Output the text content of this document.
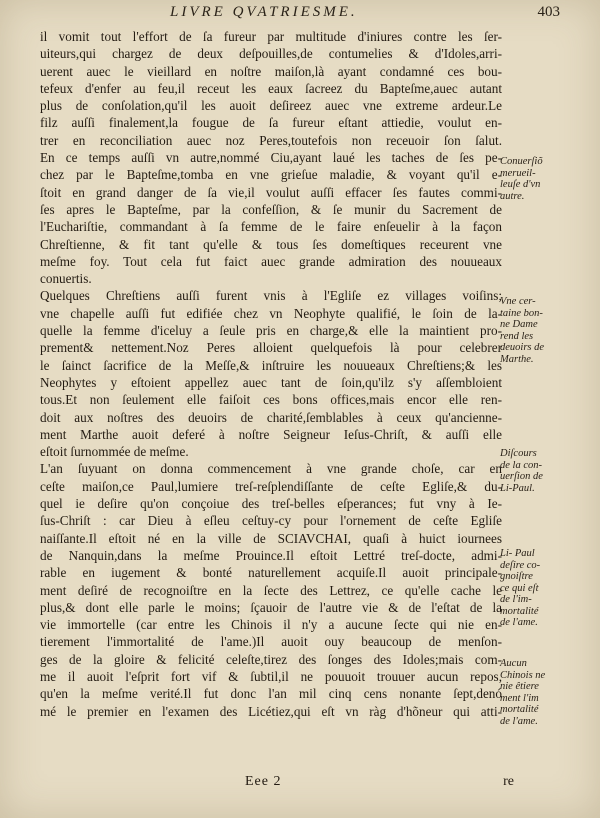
LIVRE QVATRIESME.	403
il vomit tout l'effort de ſa fureur par multitude d'iniures contre les ſer-
uiteurs,qui chargez de deux deſpouilles,de contumelies & d'Idoles,arri-
uerent auec le vieillard en noſtre maiſon,là ayant condamné ces bou-
tefeux d'enfer au feu,il receut les eaux ſacreez du Bapteſme,auec autant
plus de conſolation,qu'il les auoit deſireez auec vne extreme ardeur.Le
filz auſſi finalement,la fougue de ſa fureur eſtant attiedie, voulut en-
trer en reconciliation auec noz Peres,toutefois non receuoir ſon ſalut.
En ce temps auſſi vn autre,nommé Ciu,ayant laué les taches de ſes pe-
chez par le Bapteſme,tomba en vne grieſue maladie, & voyant qu'il e-
ſtoit en grand danger de ſa vie,il voulut auſſi effacer ſes fautes commi-
ſes apres le Bapteſme, par la confeſſion, & ſe munir du Sacrement de
l'Euchariſtie, commandant à ſa femme de le faire enſeuelir à la façon
Chreſtienne, & fit tant qu'elle & tous ſes domeſtiques receurent vne
meſme foy. Tout cela fut faict auec grande admiration des nouueaux
conuertis.
Quelques Chreſtiens auſſi furent vnis à l'Egliſe ez villages voiſins;
vne chapelle auſſi fut edifiée chez vn Neophyte qualifié, le ſoin de la-
quelle la femme d'iceluy a ſeule pris en charge,& elle la maintient pro-
prement& nettement.Noz Peres alloient quelquefois là pour celebrer
le ſainct ſacrifice de la Meſſe,& inſtruire les nouueaux Chreſtiens;& les
Neophytes y eſtoient appellez auec tant de ſoin,qu'ilz s'y aſſembloient
tous.Et non ſeulement elle faiſoit ces bons offices,mais encor elle ren-
doit aux noſtres des deuoirs de charité,ſemblables à ceux qu'ancienne-
ment Marthe auoit deferé à noſtre Seigneur Ieſus-Chriſt, & auſſi elle
eſtoit ſurnommée de meſme.
L'an ſuyuant on donna commencement à vne grande choſe, car en
ceſte maiſon,ce Paul,lumiere treſ-reſplendiſſante de ceſte Egliſe,& du-
quel ie deſire qu'on conçoiue des treſ-belles eſperances; fut vny à Ie-
ſus-Chriſt : car Dieu à eſleu ceſtuy-cy pour l'ornement de ceſte Egliſe
naiſſante.Il eſtoit né en la ville de SCIAVCHAI, quaſi à huict iournees
de Nanquin,dans la meſme Prouince.Il eſtoit Lettré treſ-docte, admi-
rable en iugement & bonté naturellement acquiſe.Il auoit principale-
ment deſiré de recognoiſtre en la ſecte des Lettrez, ce qu'elle cache le
plus,& dont elle parle le moins; ſçauoir de l'autre vie & de l'eſtat de la
vie immortelle (car entre les Chinois il n'y a aucune ſecte qui nie en-
tierement l'immortalité de l'ame.)Il auoit ouy beaucoup de menſon-
ges de la gloire & felicité celeſte,tirez des ſonges des Idoles;mais com-
me il auoit l'eſprit fort vif & ſubtil,il ne pouuoit trouuer aucun repos,
qu'en la meſme verité.Il fut donc l'an mil cinq cens nonante ſept,denó
mé le premier en l'examen des Licétiez,qui eſt vn ràg d'hõneur qui atti-
Conuerſiõ
merueil-
leuſe d'vn
autre.
Vne cer-
taine bon-
ne Dame
rend les
deuoirs de
Marthe.
Diſcours
de la con-
uerſion de
Li-Paul.
Li- Paul
deſire co-
gnoiſtre
ce qui eſt
de l'im-
mortalité
de l'ame.
Aucun
Chinois ne
nie êtiere
ment l'im
mortalité
de l'ame.
Eee 2	re
